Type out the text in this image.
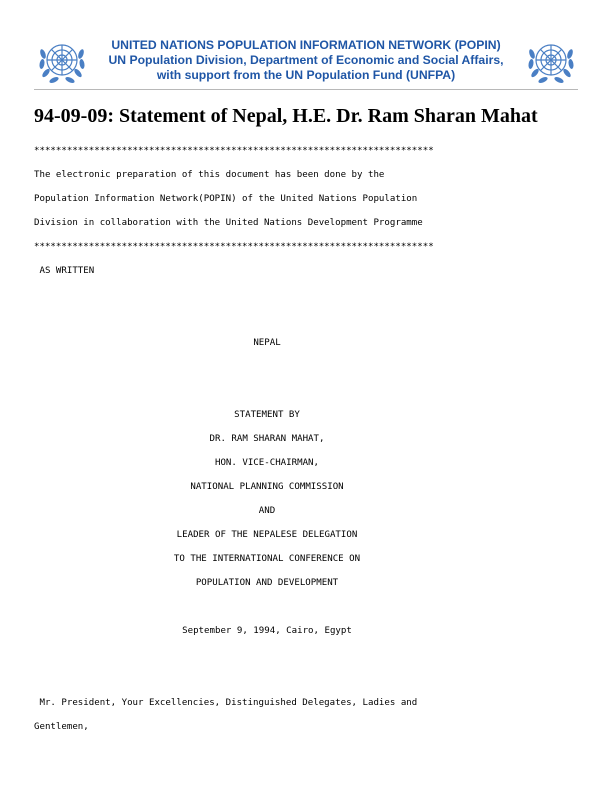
UNITED NATIONS POPULATION INFORMATION NETWORK (POPIN)
UN Population Division, Department of Economic and Social Affairs,
with support from the UN Population Fund (UNFPA)
94-09-09: Statement of Nepal, H.E. Dr. Ram Sharan Mahat
*************************************************************************
The electronic preparation of this document has been done by the
Population Information Network(POPIN) of the United Nations Population
Division in collaboration with the United Nations Development Programme
*************************************************************************
AS WRITTEN
NEPAL
STATEMENT BY
DR. RAM SHARAN MAHAT,
HON. VICE-CHAIRMAN,
NATIONAL PLANNING COMMISSION
AND
LEADER OF THE NEPALESE DELEGATION
TO THE INTERNATIONAL CONFERENCE ON
POPULATION AND DEVELOPMENT
September 9, 1994, Cairo, Egypt
Mr. President, Your Excellencies, Distinguished Delegates, Ladies and
Gentlemen,
